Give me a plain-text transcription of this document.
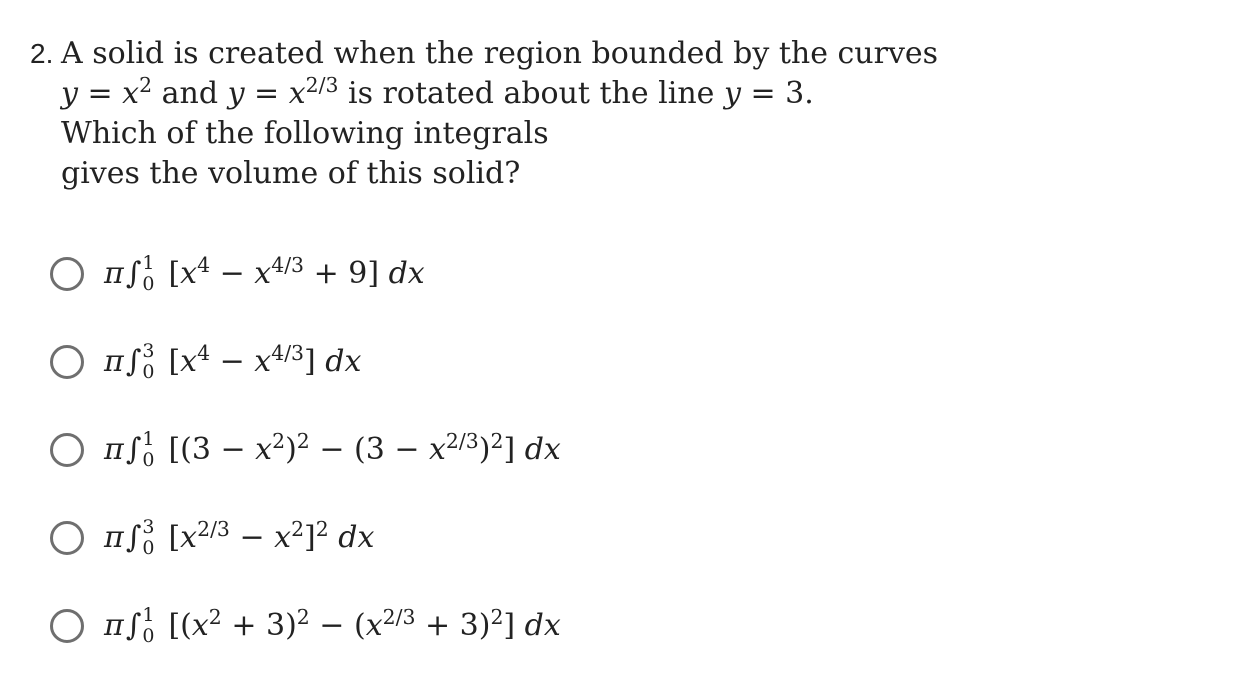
2. A solid is created when the region bounded by the curves
$y = x^2$ and $y = x^{2/3}$ is rotated about the line y = 3.
Which of the following integrals
gives the volume of this solid?
π ∫ 1
0 $[x^4 - x^{4/3} + 9]$ dx
π ∫ 3
0 $[x^4 - x^{4/3}]$ dx
π ∫ 1
0 $[(3 - x^2)^2 - (3 - x^{2/3})^2]$ dx
π ∫ 3
0 $[x^{2/3} - x^2]^2$ dx
π ∫ 1
0 $[(x^2 + 3)^2 - (x^{2/3} + 3)^2]$ dx
